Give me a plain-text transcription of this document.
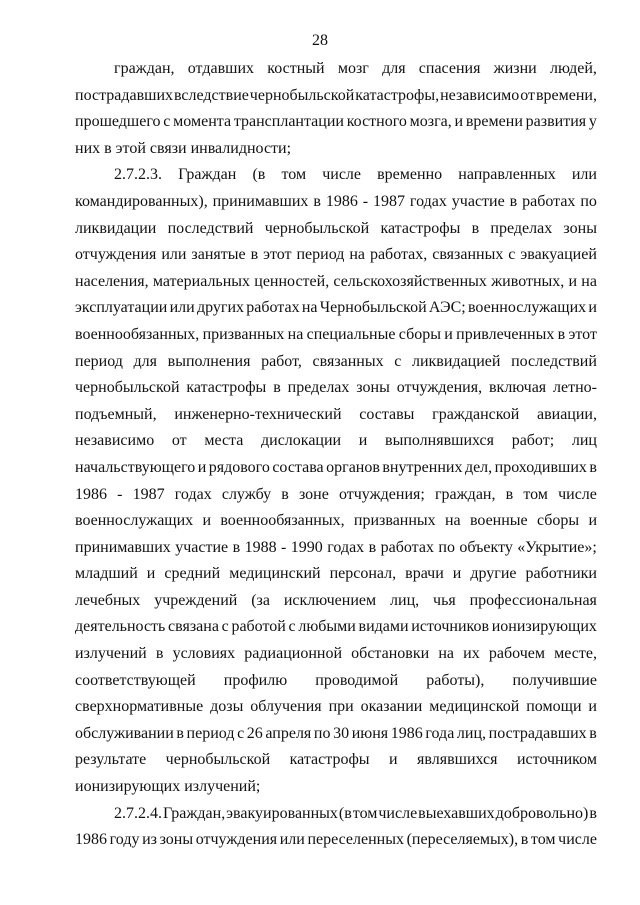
28
граждан, отдавших костный мозг для спасения жизни людей,
пострадавших вследствие чернобыльской катастрофы, независимо от времени,
прошедшего с момента трансплантации костного мозга, и времени развития у
них в этой связи инвалидности;
2.7.2.3. Граждан (в том числе временно направленных или
командированных), принимавших в 1986 - 1987 годах участие в работах по
ликвидации последствий чернобыльской катастрофы в пределах зоны
отчуждения или занятые в этот период на работах, связанных с эвакуацией
населения, материальных ценностей, сельскохозяйственных животных, и на
эксплуатации или других работах на Чернобыльской АЭС; военнослужащих и
военнообязанных, призванных на специальные сборы и привлеченных в этот
период для выполнения работ, связанных с ликвидацией последствий
чернобыльской катастрофы в пределах зоны отчуждения, включая летно-
подъемный, инженерно-технический составы гражданской авиации,
независимо от места дислокации и выполнявшихся работ; лиц
начальствующего и рядового состава органов внутренних дел, проходивших в
1986 - 1987 годах службу в зоне отчуждения; граждан, в том числе
военнослужащих и военнообязанных, призванных на военные сборы и
принимавших участие в 1988 - 1990 годах в работах по объекту «Укрытие»;
младший и средний медицинский персонал, врачи и другие работники
лечебных учреждений (за исключением лиц, чья профессиональная
деятельность связана с работой с любыми видами источников ионизирующих
излучений в условиях радиационной обстановки на их рабочем месте,
соответствующей профилю проводимой работы), получившие
сверхнормативные дозы облучения при оказании медицинской помощи и
обслуживании в период с 26 апреля по 30 июня 1986 года лиц, пострадавших в
результате чернобыльской катастрофы и являвшихся источником
ионизирующих излучений;
2.7.2.4. Граждан, эвакуированных (в том числе выехавших добровольно) в
1986 году из зоны отчуждения или переселенных (переселяемых), в том числе
